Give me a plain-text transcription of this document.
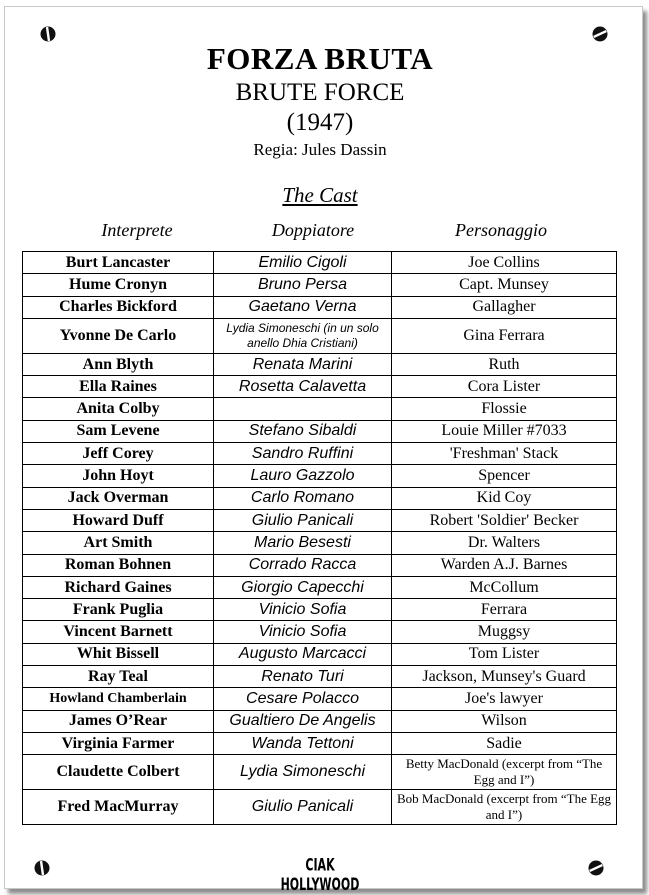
FORZA BRUTA
BRUTE FORCE
(1947)
Regia: Jules Dassin
The Cast
Interprete	Doppiatore	Personaggio
Burt Lancaster	Emilio Cigoli	Joe Collins
Hume Cronyn	Bruno Persa	Capt. Munsey
Charles Bickford	Gaetano Verna	Gallagher
Yvonne De Carlo	Lydia Simoneschi (in un solo anello Dhia Cristiani)	Gina Ferrara
Ann Blyth	Renata Marini	Ruth
Ella Raines	Rosetta Calavetta	Cora Lister
Anita Colby		Flossie
Sam Levene	Stefano Sibaldi	Louie Miller #7033
Jeff Corey	Sandro Ruffini	'Freshman' Stack
John Hoyt	Lauro Gazzolo	Spencer
Jack Overman	Carlo Romano	Kid Coy
Howard Duff	Giulio Panicali	Robert 'Soldier' Becker
Art Smith	Mario Besesti	Dr. Walters
Roman Bohnen	Corrado Racca	Warden A.J. Barnes
Richard Gaines	Giorgio Capecchi	McCollum
Frank Puglia	Vinicio Sofia	Ferrara
Vincent Barnett	Vinicio Sofia	Muggsy
Whit Bissell	Augusto Marcacci	Tom Lister
Ray Teal	Renato Turi	Jackson, Munsey's Guard
Howland Chamberlain	Cesare Polacco	Joe's lawyer
James O’Rear	Gualtiero De Angelis	Wilson
Virginia Farmer	Wanda Tettoni	Sadie
Claudette Colbert	Lydia Simoneschi	Betty MacDonald (excerpt from “The Egg and I”)
Fred MacMurray	Giulio Panicali	Bob MacDonald (excerpt from “The Egg and I”)
CIAK HOLLYWOOD
